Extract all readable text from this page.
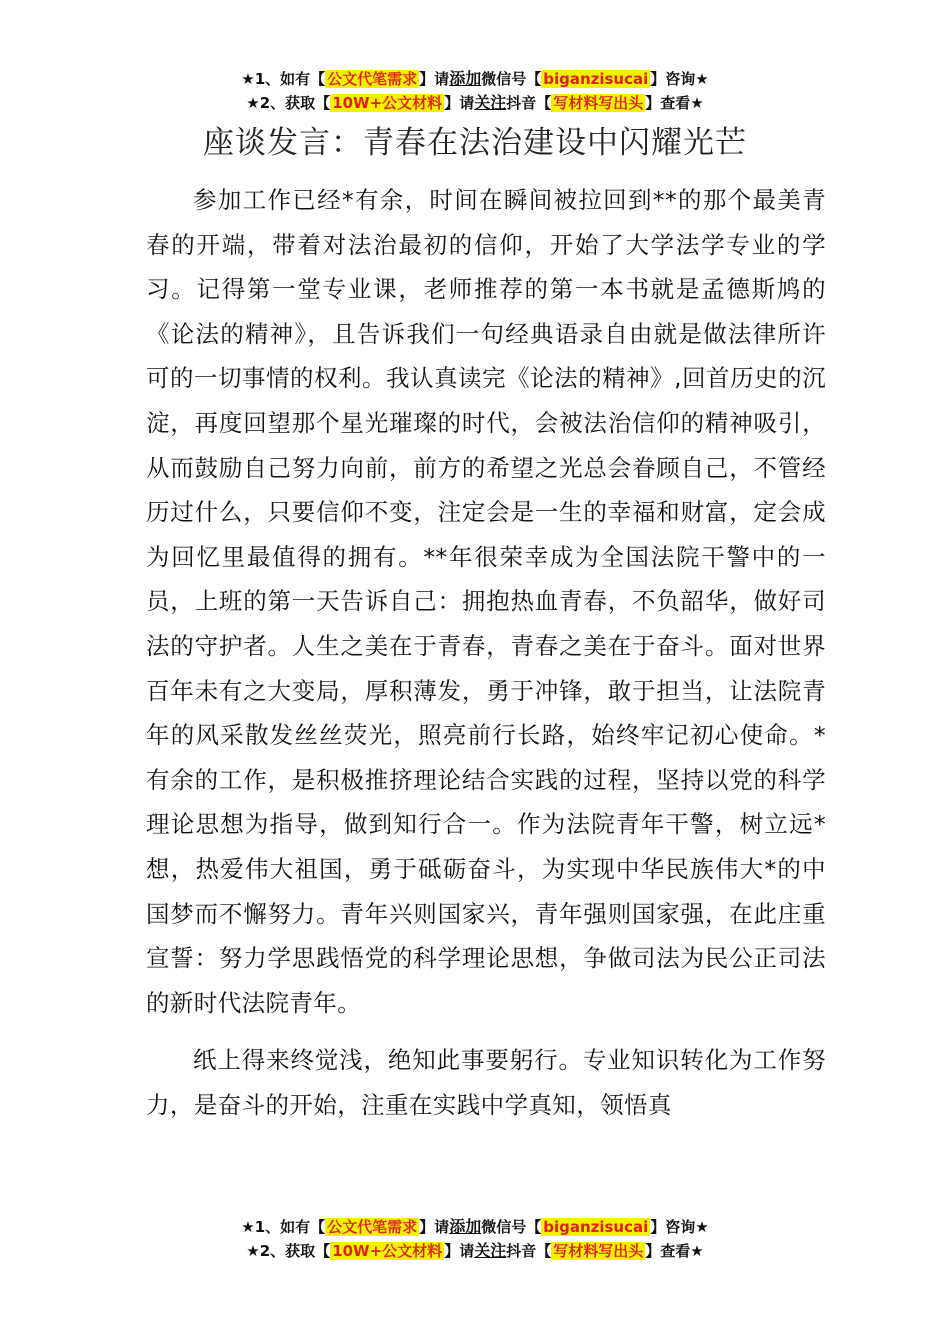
★1、如有【 公文代笔需求 】请添加微信号【 biganzisucai 】咨询★
★2、获取【 10W+公文材料 】请关注抖音【 写材料写出头 】查看★
座谈发言：青春在法治建设中闪耀光芒

参加工作已经*有余，时间在瞬间被拉回到**的那个最美青春的开端，带着对法治最初的信仰，开始了大学法学专业的学习。记得第一堂专业课，老师推荐的第一本书就是孟德斯鸠的《论法的精神》，且告诉我们一句经典语录自由就是做法律所许可的一切事情的权利。我认真读完《论法的精神》,回首历史的沉淀，再度回望那个星光璀璨的时代，会被法治信仰的精神吸引，从而鼓励自己努力向前，前方的希望之光总会眷顾自己，不管经历过什么，只要信仰不变，注定会是一生的幸福和财富，定会成为回忆里最值得的拥有。**年很荣幸成为全国法院干警中的一员，上班的第一天告诉自己：拥抱热血青春，不负韶华，做好司法的守护者。人生之美在于青春，青春之美在于奋斗。面对世界百年未有之大变局，厚积薄发，勇于冲锋，敢于担当，让法院青年的风采散发丝丝荧光，照亮前行长路，始终牢记初心使命。*有余的工作，是积极推挤理论结合实践的过程，坚持以党的科学理论思想为指导，做到知行合一。作为法院青年干警，树立远*想，热爱伟大祖国，勇于砥砺奋斗，为实现中华民族伟大*的中国梦而不懈努力。青年兴则国家兴，青年强则国家强，在此庄重宣誓：努力学思践悟党的科学理论思想，争做司法为民公正司法的新时代法院青年。

纸上得来终觉浅，绝知此事要躬行。专业知识转化为工作努力，是奋斗的开始，注重在实践中学真知，领悟真

★1、如有【 公文代笔需求 】请添加微信号【 biganzisucai 】咨询★
★2、获取【 10W+公文材料 】请关注抖音【 写材料写出头 】查看★
